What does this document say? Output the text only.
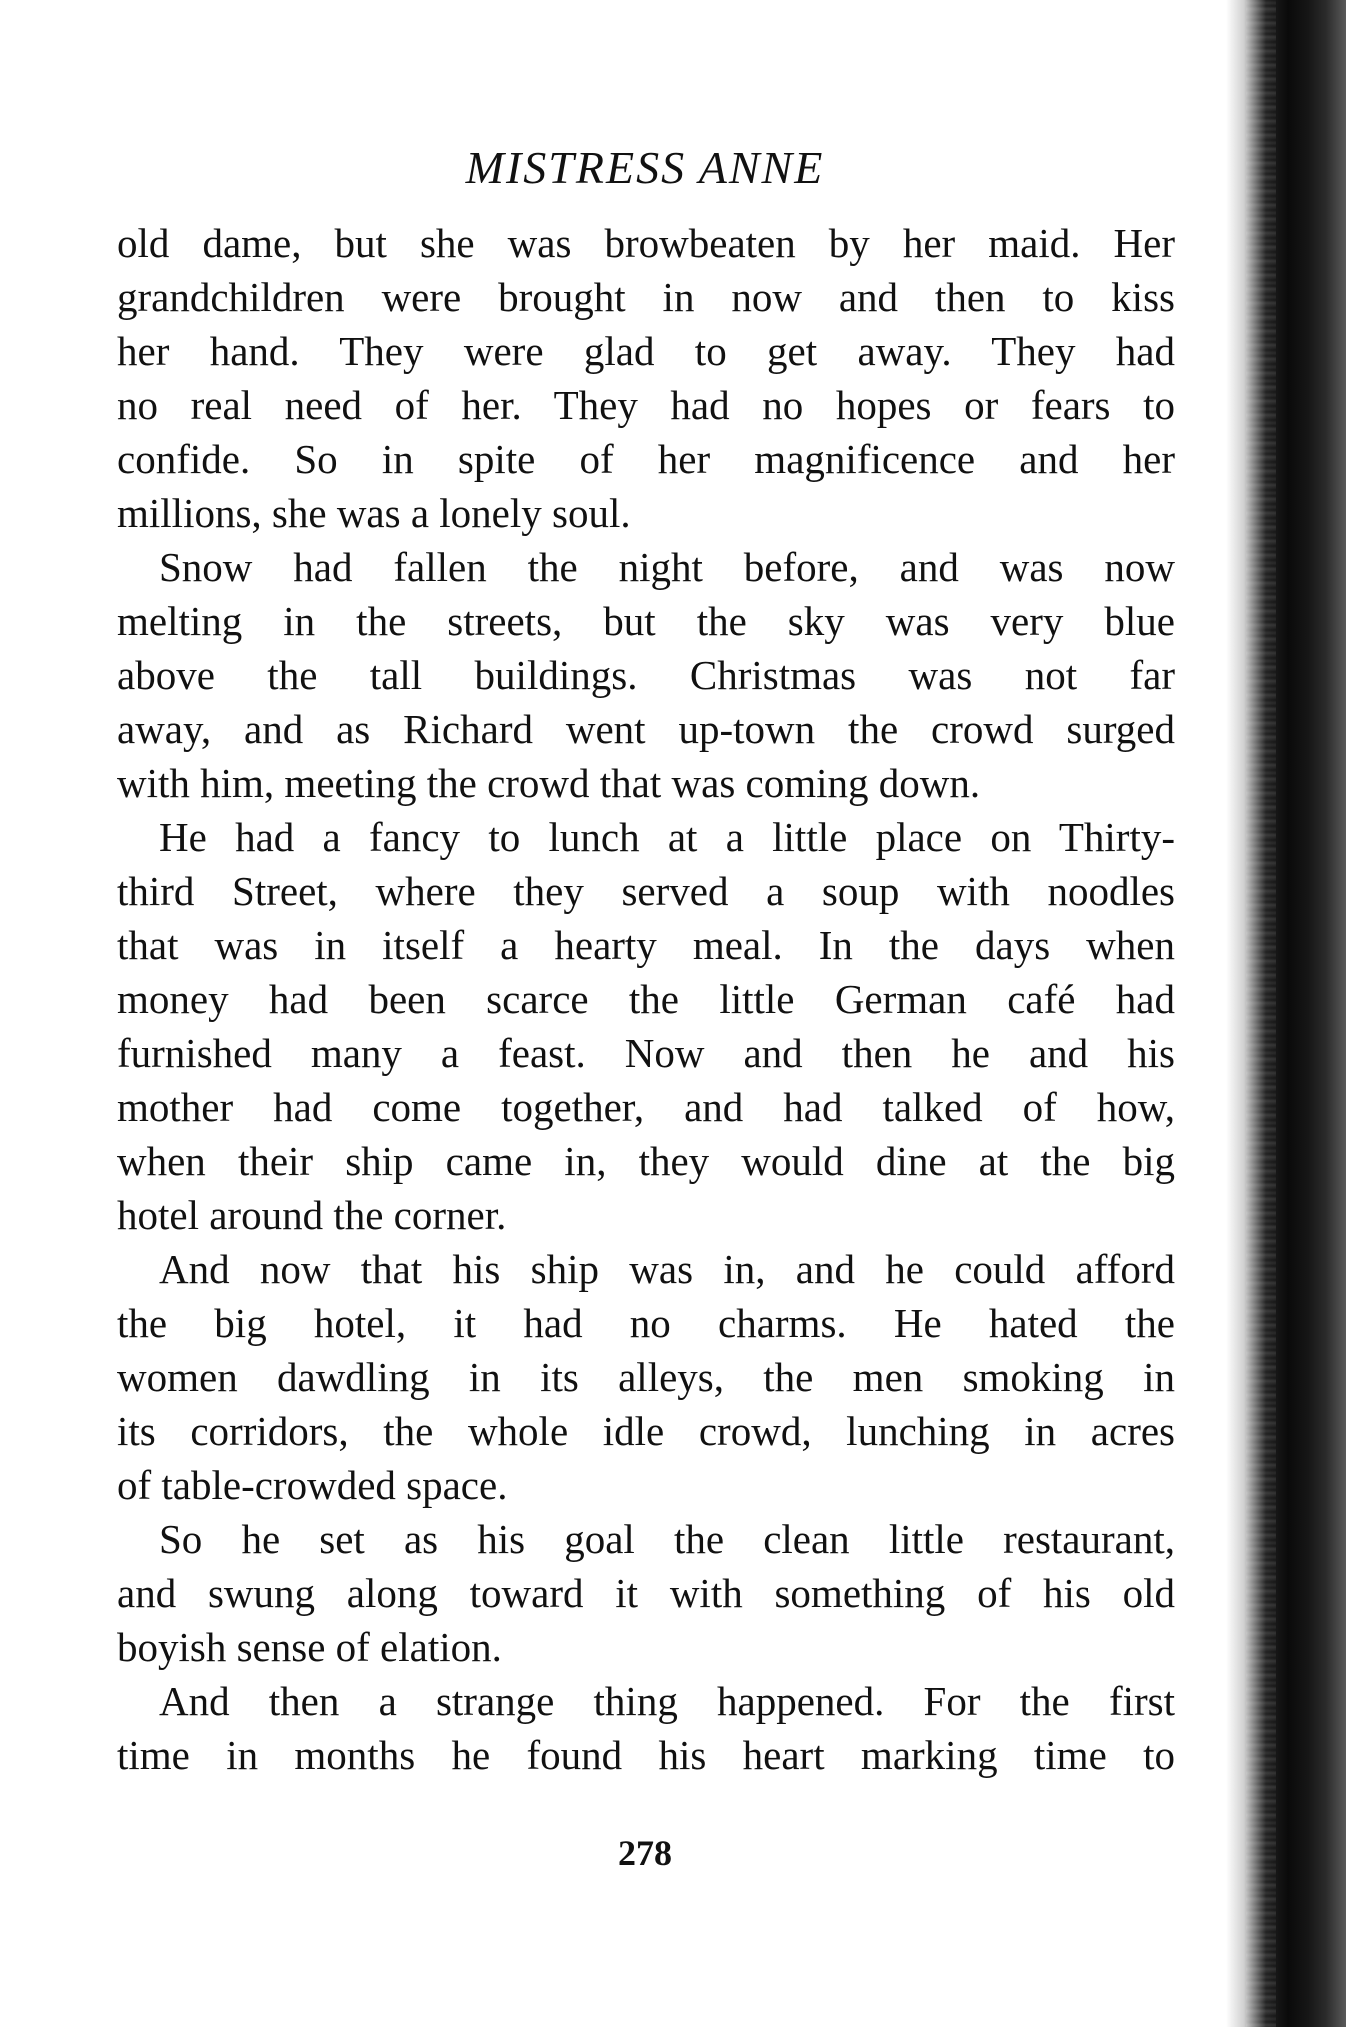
MISTRESS ANNE
old dame, but she was browbeaten by her maid. Her
grandchildren were brought in now and then to kiss
her hand. They were glad to get away. They had
no real need of her. They had no hopes or fears to
confide. So in spite of her magnificence and her
millions, she was a lonely soul.
Snow had fallen the night before, and was now
melting in the streets, but the sky was very blue
above the tall buildings. Christmas was not far
away, and as Richard went up-town the crowd surged
with him, meeting the crowd that was coming down.
He had a fancy to lunch at a little place on Thirty-
third Street, where they served a soup with noodles
that was in itself a hearty meal. In the days when
money had been scarce the little German café had
furnished many a feast. Now and then he and his
mother had come together, and had talked of how,
when their ship came in, they would dine at the big
hotel around the corner.
And now that his ship was in, and he could afford
the big hotel, it had no charms. He hated the
women dawdling in its alleys, the men smoking in
its corridors, the whole idle crowd, lunching in acres
of table-crowded space.
So he set as his goal the clean little restaurant,
and swung along toward it with something of his old
boyish sense of elation.
And then a strange thing happened. For the first
time in months he found his heart marking time to
278
